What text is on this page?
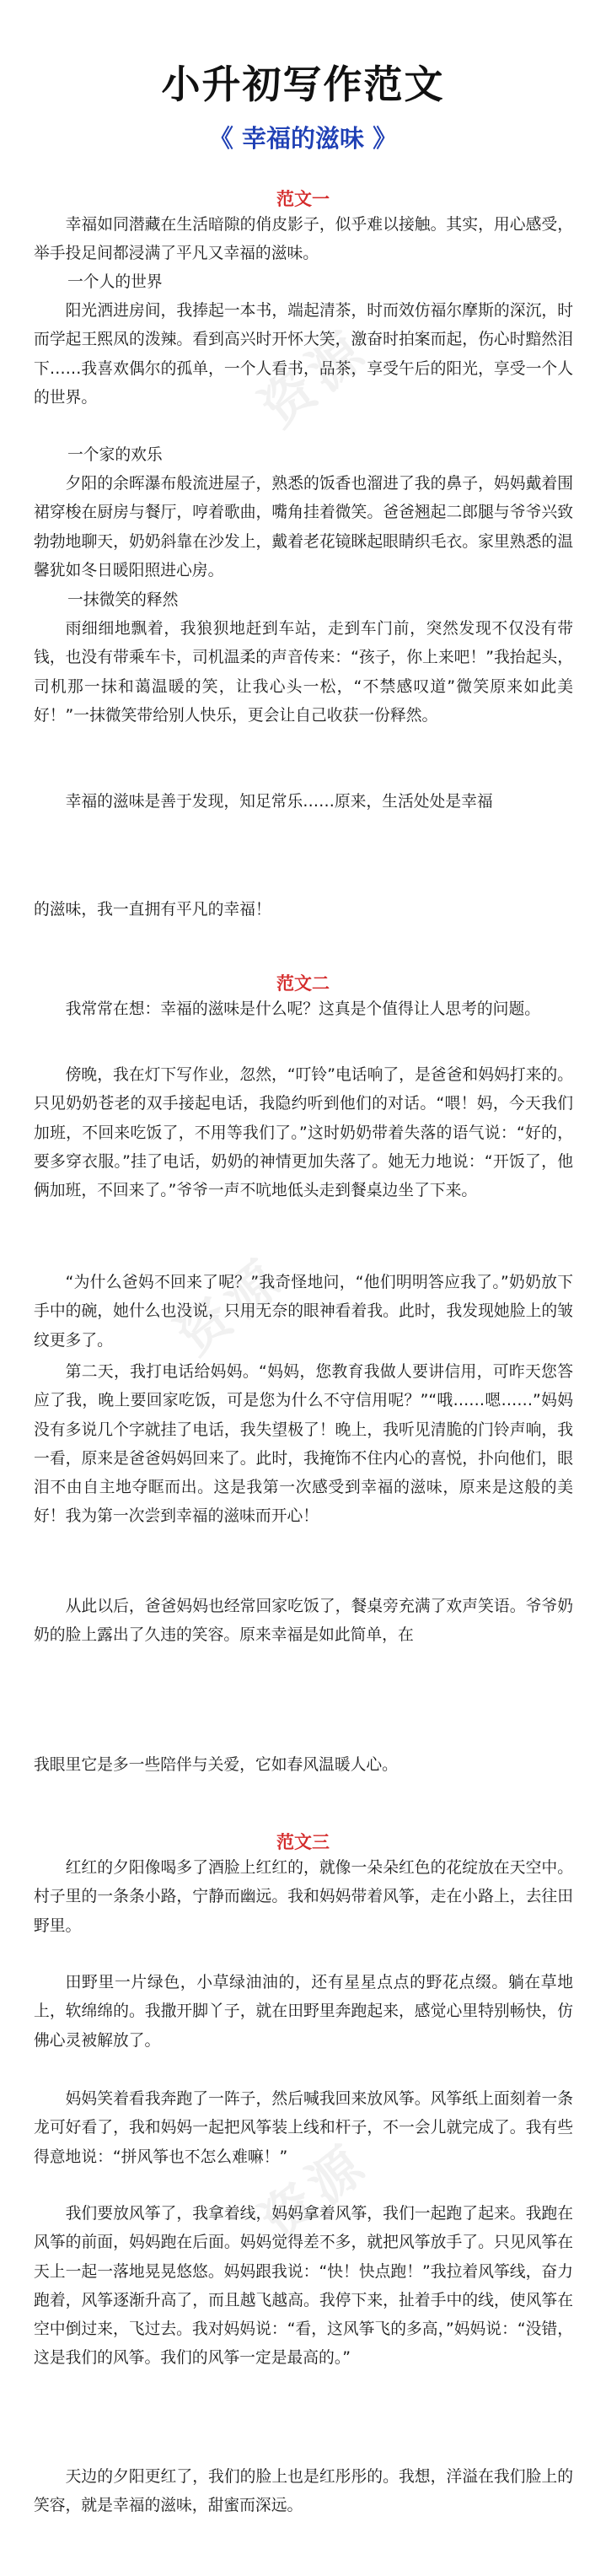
资源
资源
资源
小升初写作范文
《 幸福的滋味 》
范文一

幸福如同潜藏在生活暗隙的俏皮影子，似乎难以接触。其实，用心感受，举手投足间都浸满了平凡又幸福的滋味。

一个人的世界

阳光洒进房间，我捧起一本书，端起清茶，时而效仿福尔摩斯的深沉，时而学起王熙凤的泼辣。看到高兴时开怀大笑，激奋时拍案而起，伤心时黯然泪下……我喜欢偶尔的孤单，一个人看书，品茶，享受午后的阳光，享受一个人的世界。

一个家的欢乐

夕阳的余晖瀑布般流进屋子，熟悉的饭香也溜进了我的鼻子，妈妈戴着围裙穿梭在厨房与餐厅，哼着歌曲，嘴角挂着微笑。爸爸翘起二郎腿与爷爷兴致勃勃地聊天，奶奶斜靠在沙发上，戴着老花镜眯起眼睛织毛衣。家里熟悉的温馨犹如冬日暖阳照进心房。

一抹微笑的释然

雨细细地飘着，我狼狈地赶到车站，走到车门前，突然发现不仅没有带钱，也没有带乘车卡，司机温柔的声音传来：“孩子，你上来吧！”我抬起头，司机那一抹和蔼温暖的笑，让我心头一松，“不禁感叹道”微笑原来如此美好！”一抹微笑带给别人快乐，更会让自己收获一份释然。

幸福的滋味是善于发现，知足常乐……原来，生活处处是幸福

的滋味，我一直拥有平凡的幸福！

范文二

我常常在想：幸福的滋味是什么呢？这真是个值得让人思考的问题。

傍晚，我在灯下写作业，忽然，“叮铃”电话响了，是爸爸和妈妈打来的。只见奶奶苍老的双手接起电话，我隐约听到他们的对话。“喂！妈，今天我们加班，不回来吃饭了，不用等我们了。”这时奶奶带着失落的语气说：“好的，要多穿衣服。”挂了电话，奶奶的神情更加失落了。她无力地说：“开饭了，他俩加班，不回来了。”爷爷一声不吭地低头走到餐桌边坐了下来。

“为什么爸妈不回来了呢？”我奇怪地问，“他们明明答应我了。”奶奶放下手中的碗，她什么也没说，只用无奈的眼神看着我。此时，我发现她脸上的皱纹更多了。

第二天，我打电话给妈妈。“妈妈，您教育我做人要讲信用，可昨天您答应了我，晚上要回家吃饭，可是您为什么不守信用呢？”“哦……嗯……”妈妈没有多说几个字就挂了电话，我失望极了！晚上，我听见清脆的门铃声响，我一看，原来是爸爸妈妈回来了。此时，我掩饰不住内心的喜悦，扑向他们，眼泪不由自主地夺眶而出。这是我第一次感受到幸福的滋味，原来是这般的美好！我为第一次尝到幸福的滋味而开心！

从此以后，爸爸妈妈也经常回家吃饭了，餐桌旁充满了欢声笑语。爷爷奶奶的脸上露出了久违的笑容。原来幸福是如此简单，在

我眼里它是多一些陪伴与关爱，它如春风温暖人心。

范文三

红红的夕阳像喝多了酒脸上红红的，就像一朵朵红色的花绽放在天空中。村子里的一条条小路，宁静而幽远。我和妈妈带着风筝，走在小路上，去往田野里。

田野里一片绿色，小草绿油油的，还有星星点点的野花点缀。躺在草地上，软绵绵的。我撒开脚丫子，就在田野里奔跑起来，感觉心里特别畅快，仿佛心灵被解放了。

妈妈笑着看我奔跑了一阵子，然后喊我回来放风筝。风筝纸上面刻着一条龙可好看了，我和妈妈一起把风筝装上线和杆子，不一会儿就完成了。我有些得意地说：“拼风筝也不怎么难嘛！”

我们要放风筝了，我拿着线，妈妈拿着风筝，我们一起跑了起来。我跑在风筝的前面，妈妈跑在后面。妈妈觉得差不多，就把风筝放手了。只见风筝在天上一起一落地晃晃悠悠。妈妈跟我说：“快！快点跑！”我拉着风筝线，奋力跑着，风筝逐渐升高了，而且越飞越高。我停下来，扯着手中的线，使风筝在空中倒过来，飞过去。我对妈妈说：“看，这风筝飞的多高，”妈妈说：“没错，这是我们的风筝。我们的风筝一定是最高的。”

天边的夕阳更红了，我们的脸上也是红彤彤的。我想，洋溢在我们脸上的笑容，就是幸福的滋味，甜蜜而深远。
